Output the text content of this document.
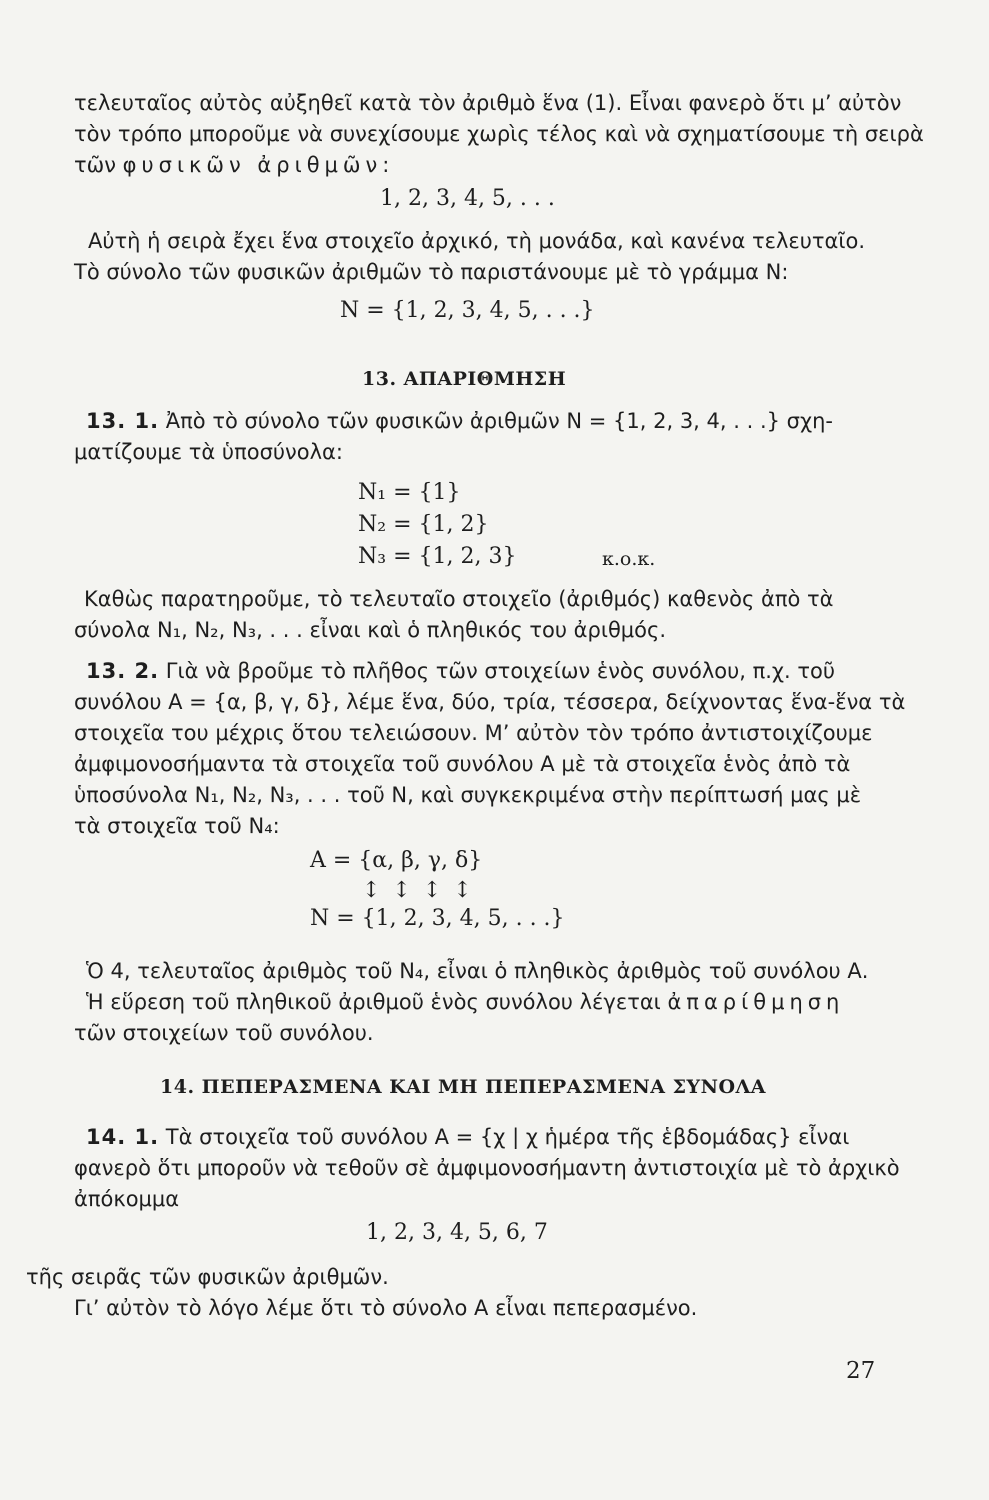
τελευταῖος αὐτὸς αὐξηθεῖ κατὰ τὸν ἀριθμὸ ἕνα (1). Εἶναι φανερὸ ὅτι μ’ αὐτὸν
τὸν τρόπο μποροῦμε νὰ συνεχίσουμε χωρὶς τέλος καὶ νὰ σχηματίσουμε τὴ σειρὰ
τῶν φυσικῶν ἀριθμῶν:

1, 2, 3, 4, 5, . . .

Αὐτὴ ἡ σειρὰ ἔχει ἕνα στοιχεῖο ἀρχικό, τὴ μονάδα, καὶ κανένα τελευταῖο.
Τὸ σύνολο τῶν φυσικῶν ἀριθμῶν τὸ παριστάνουμε μὲ τὸ γράμμα Ν:

Ν = {1, 2, 3, 4, 5, . . .}
13. ΑΠΑΡΙΘΜΗΣΗ

13. 1. Ἀπὸ τὸ σύνολο τῶν φυσικῶν ἀριθμῶν Ν = {1, 2, 3, 4, . . .} σχη-
ματίζουμε τὰ ὑποσύνολα:

Ν₁ = {1}
Ν₂ = {1, 2}
Ν₃ = {1, 2, 3}	κ.ο.κ.

Καθὼς παρατηροῦμε, τὸ τελευταῖο στοιχεῖο (ἀριθμός) καθενὸς ἀπὸ τὰ
σύνολα Ν₁, Ν₂, Ν₃, . . . εἶναι καὶ ὁ πληθικός του ἀριθμός.

13. 2. Γιὰ νὰ βροῦμε τὸ πλῆθος τῶν στοιχείων ἑνὸς συνόλου, π.χ. τοῦ
συνόλου Α = {α, β, γ, δ}, λέμε ἕνα, δύο, τρία, τέσσερα, δείχνοντας ἕνα-ἕνα τὰ
στοιχεῖα του μέχρις ὅτου τελειώσουν. Μ’ αὐτὸν τὸν τρόπο ἀντιστοιχίζουμε
ἀμφιμονοσήμαντα τὰ στοιχεῖα τοῦ συνόλου Α μὲ τὰ στοιχεῖα ἑνὸς ἀπὸ τὰ
ὑποσύνολα Ν₁, Ν₂, Ν₃, . . . τοῦ Ν, καὶ συγκεκριμένα στὴν περίπτωσή μας μὲ
τὰ στοιχεῖα τοῦ Ν₄:

Α = {α, β, γ, δ}
↕↕↕↕
Ν = {1, 2, 3, 4, 5, . . .}

Ὁ 4, τελευταῖος ἀριθμὸς τοῦ Ν₄, εἶναι ὁ πληθικὸς ἀριθμὸς τοῦ συνόλου Α.
Ἡ εὕρεση τοῦ πληθικοῦ ἀριθμοῦ ἑνὸς συνόλου λέγεται ἀπαρίθμηση
τῶν στοιχείων τοῦ συνόλου.

14. ΠΕΠΕΡΑΣΜΕΝΑ ΚΑΙ ΜΗ ΠΕΠΕΡΑΣΜΕΝΑ ΣΥΝΟΛΑ

14. 1. Τὰ στοιχεῖα τοῦ συνόλου Α = {χ | χ ἡμέρα τῆς ἑβδομάδας} εἶναι
φανερὸ ὅτι μποροῦν νὰ τεθοῦν σὲ ἀμφιμονοσήμαντη ἀντιστοιχία μὲ τὸ ἀρχικὸ
ἀπόκομμα

1, 2, 3, 4, 5, 6, 7

τῆς σειρᾶς τῶν φυσικῶν ἀριθμῶν.
Γι’ αὐτὸν τὸ λόγο λέμε ὅτι τὸ σύνολο Α εἶναι πεπερασμένο.

27
